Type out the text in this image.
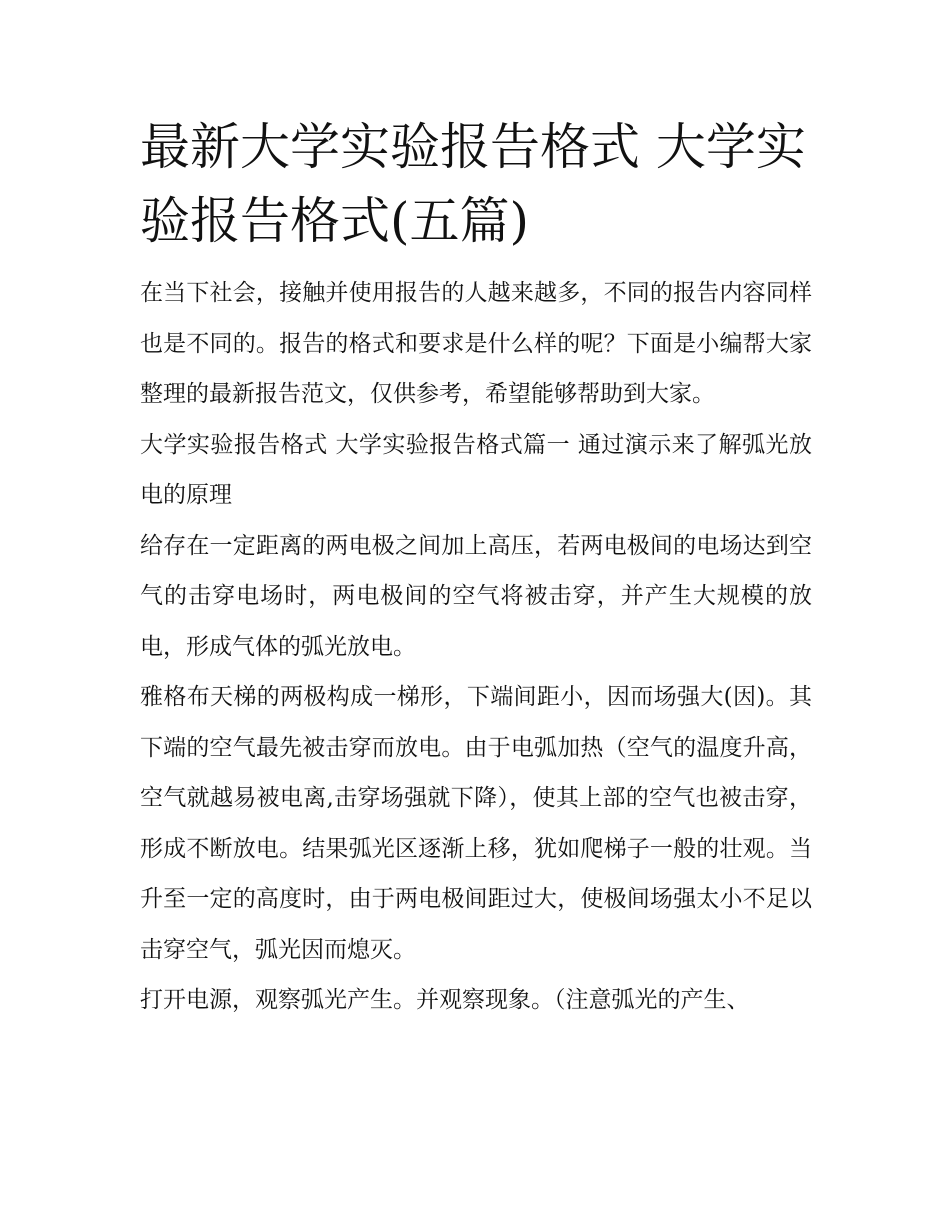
最新大学实验报告格式 大学实验报告格式(五篇)

在当下社会，接触并使用报告的人越来越多，不同的报告内容同样也是不同的。报告的格式和要求是什么样的呢？下面是小编帮大家整理的最新报告范文，仅供参考，希望能够帮助到大家。

大学实验报告格式 大学实验报告格式篇一 通过演示来了解弧光放电的原理

给存在一定距离的两电极之间加上高压，若两电极间的电场达到空气的击穿电场时，两电极间的空气将被击穿，并产生大规模的放电，形成气体的弧光放电。

雅格布天梯的两极构成一梯形，下端间距小，因而场强大(因)。其下端的空气最先被击穿而放电。由于电弧加热（空气的温度升高，空气就越易被电离,击穿场强就下降），使其上部的空气也被击穿，形成不断放电。结果弧光区逐渐上移，犹如爬梯子一般的壮观。当升至一定的高度时，由于两电极间距过大，使极间场强太小不足以击穿空气，弧光因而熄灭。

打开电源，观察弧光产生。并观察现象。（注意弧光的产生、
